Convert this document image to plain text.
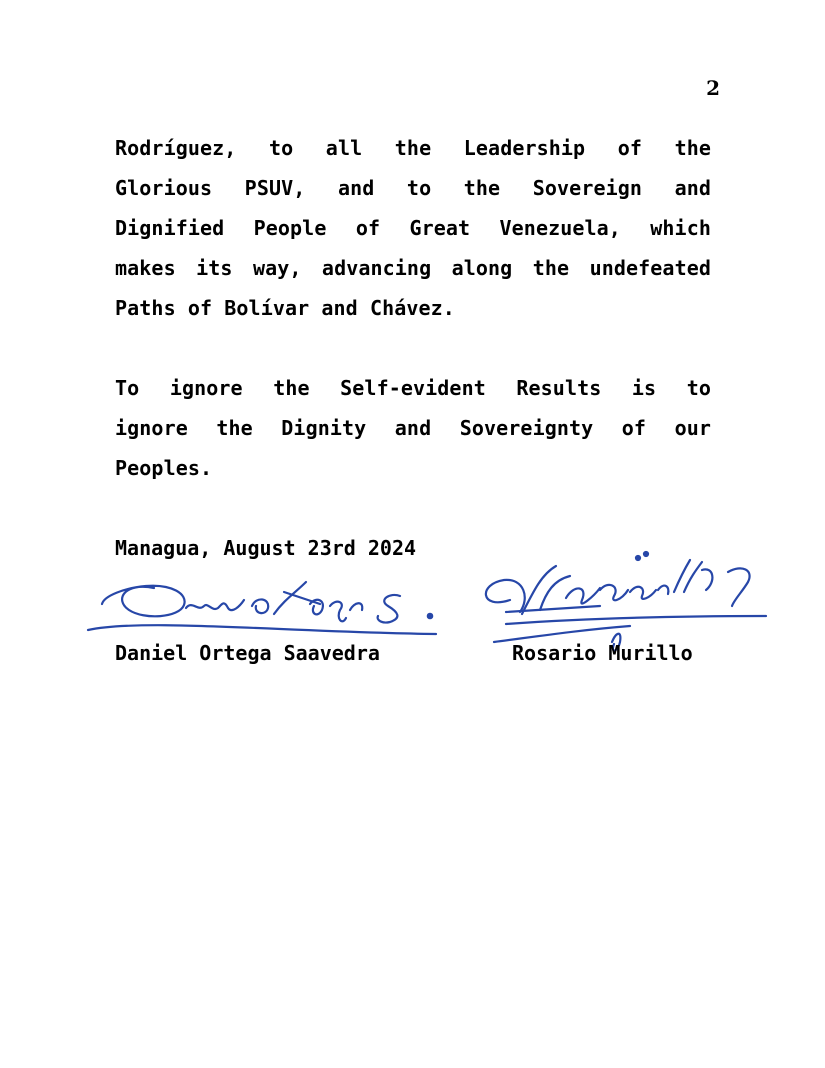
2
Rodríguez, to all the Leadership of the
Glorious PSUV, and to the Sovereign and
Dignified People of Great Venezuela, which
makes its way, advancing along the undefeated
Paths of Bolívar and Chávez.
To ignore the Self-evident Results is to
ignore the Dignity and Sovereignty of our
Peoples.
Managua, August 23rd 2024
Daniel Ortega Saavedra	Rosario Murillo
